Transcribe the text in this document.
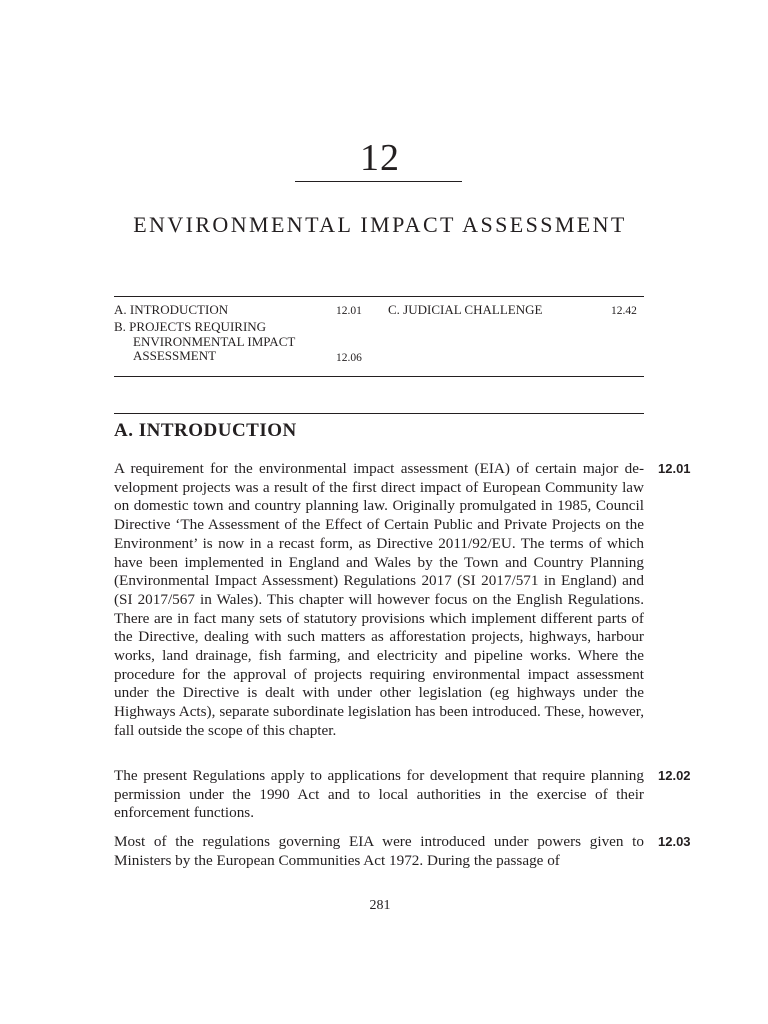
12
ENVIRONMENTAL IMPACT ASSESSMENT
A. INTRODUCTION	12.01
B. PROJECTS REQUIRING
ENVIRONMENTAL IMPACT
ASSESSMENT	12.06
C. JUDICIAL CHALLENGE	12.42
A. INTRODUCTION
A requirement for the environmental impact assessment (EIA) of certain major development projects was a result of the first direct impact of European Community law on domestic town and country planning law. Originally promulgated in 1985, Council Directive ‘The Assessment of the Effect of Certain Public and Private Projects on the Environment’ is now in a recast form, as Directive 2011/​92/EU. The terms of which have been implemented in England and Wales by the Town and Country Planning (Environmental Impact Assessment) Regulations 2017 (SI 2017/571 in England) and (SI 2017/567 in Wales). This chapter will however focus on the English Regulations. There are in fact many sets of statutory provisions which implement different parts of the Directive, dealing with such matters as afforestation projects, highways, harbour works, land drainage, fish farming, and electricity and pipeline works. Where the procedure for the approval of projects requiring environmental impact assessment under the Directive is dealt with under other legislation (eg highways under the Highways Acts), separate subordinate legislation has been introduced. These, however, fall outside the scope of this chapter.
12.01
The present Regulations apply to applications for development that require planning permission under the 1990 Act and to local authorities in the exercise of their enforcement functions.
12.02
Most of the regulations governing EIA were introduced under powers given to Ministers by the European Communities Act 1972. During the passage of
12.03
281
